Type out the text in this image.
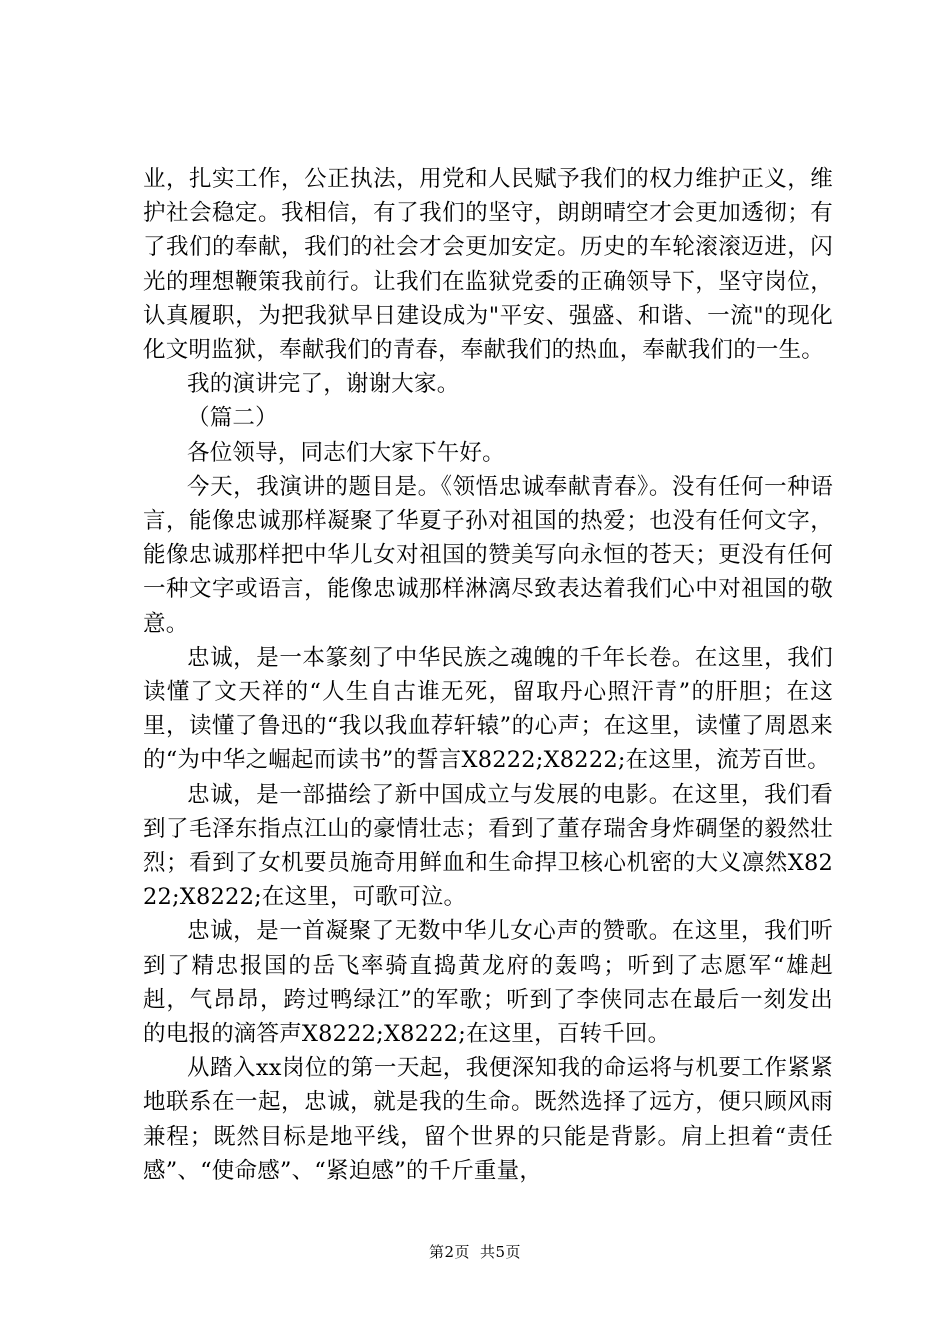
业，扎实工作，公正执法，用党和人民赋予我们的权力维护正义，维护社会稳定。我相信，有了我们的坚守，朗朗晴空才会更加透彻；有了我们的奉献，我们的社会才会更加安定。历史的车轮滚滚迈进，闪光的理想鞭策我前行。让我们在监狱党委的正确领导下，坚守岗位，认真履职，为把我狱早日建设成为"平安、强盛、和谐、一流"的现化化文明监狱，奉献我们的青春，奉献我们的热血，奉献我们的一生。

我的演讲完了，谢谢大家。

（篇二）

各位领导，同志们大家下午好。

今天，我演讲的题目是。《领悟忠诚奉献青春》。没有任何一种语言，能像忠诚那样凝聚了华夏子孙对祖国的热爱；也没有任何文字，能像忠诚那样把中华儿女对祖国的赞美写向永恒的苍天；更没有任何一种文字或语言，能像忠诚那样淋漓尽致表达着我们心中对祖国的敬意。

忠诚，是一本篆刻了中华民族之魂魄的千年长卷。在这里，我们读懂了文天祥的“人生自古谁无死，留取丹心照汗青”的肝胆；在这里，读懂了鲁迅的“我以我血荐轩辕”的心声；在这里，读懂了周恩来的“为中华之崛起而读书”的誓言X8222;X8222;在这里，流芳百世。

忠诚，是一部描绘了新中国成立与发展的电影。在这里，我们看到了毛泽东指点江山的豪情壮志；看到了董存瑞舍身炸碉堡的毅然壮烈；看到了女机要员施奇用鲜血和生命捍卫核心机密的大义凛然X8222;X8222;在这里，可歌可泣。

忠诚，是一首凝聚了无数中华儿女心声的赞歌。在这里，我们听到了精忠报国的岳飞率骑直捣黄龙府的轰鸣；听到了志愿军“雄赳赳，气昂昂，跨过鸭绿江”的军歌；听到了李侠同志在最后一刻发出的电报的滴答声X8222;X8222;在这里，百转千回。

从踏入xx岗位的第一天起，我便深知我的命运将与机要工作紧紧地联系在一起，忠诚，就是我的生命。既然选择了远方，便只顾风雨兼程；既然目标是地平线，留个世界的只能是背影。肩上担着“责任感”、“使命感”、“紧迫感”的千斤重量，

第2页 共5页
